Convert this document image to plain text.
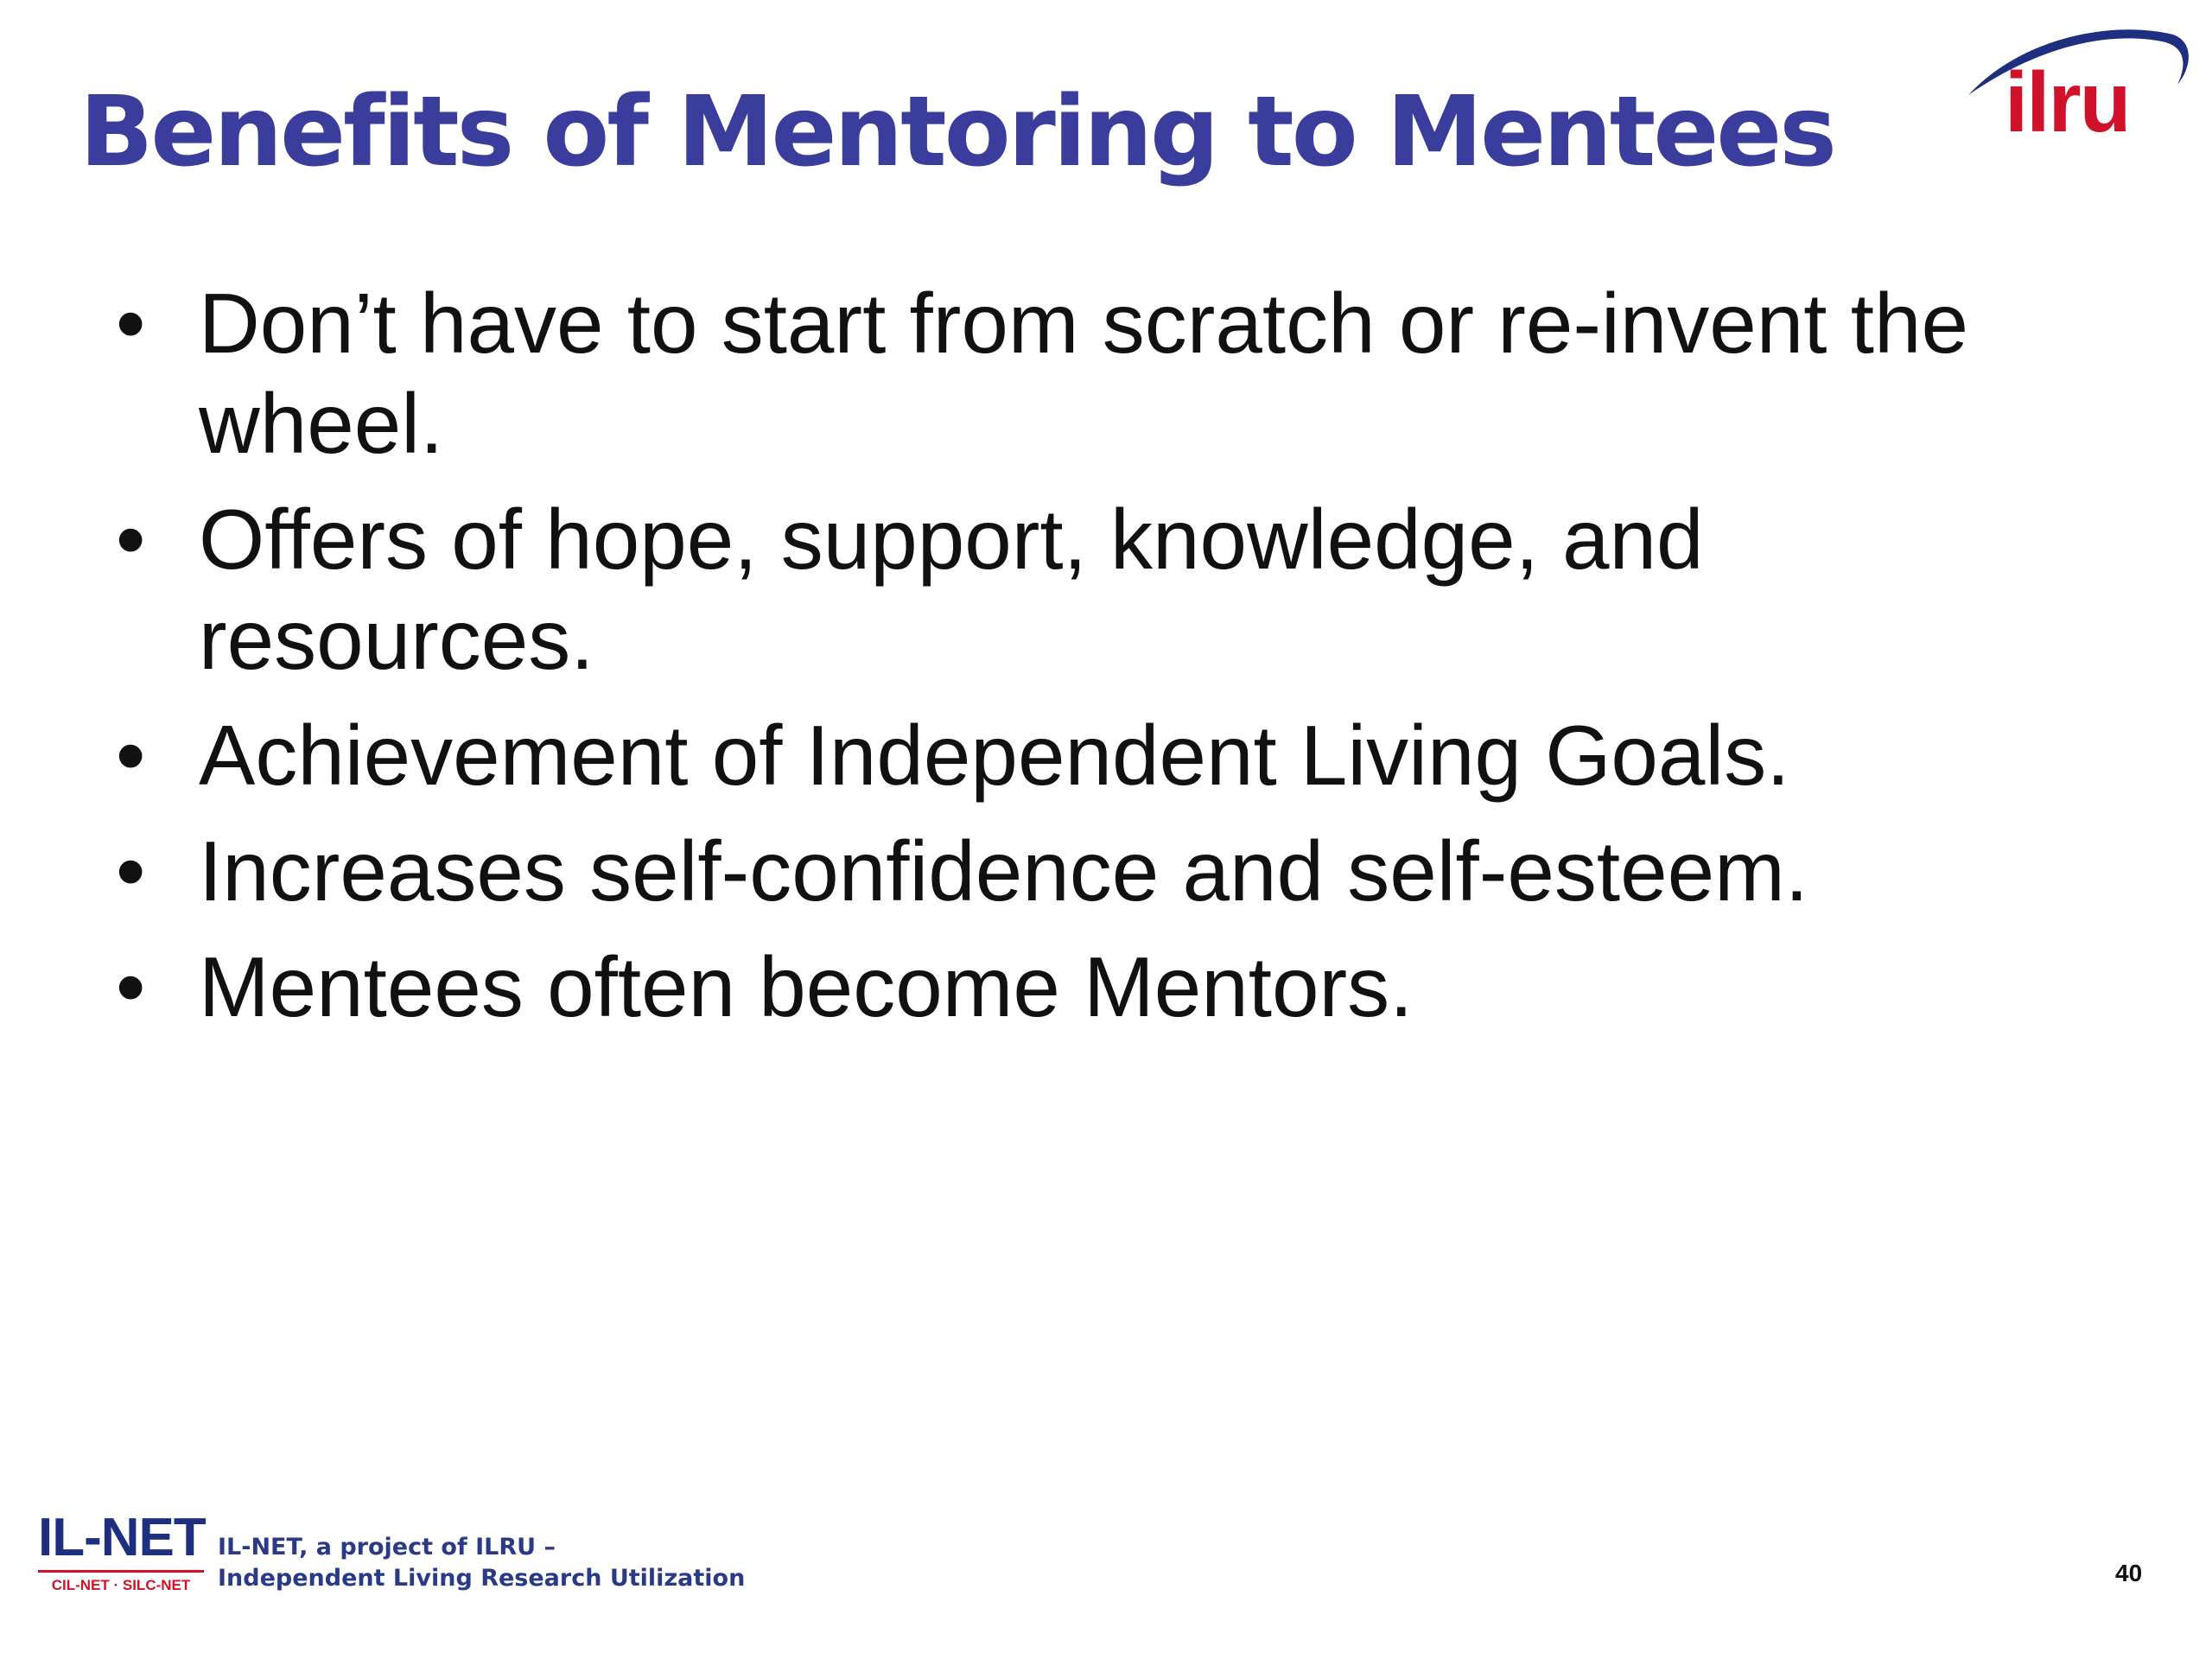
Benefits of Mentoring to Mentees ilru
• Don’t have to start from scratch or re-invent the wheel.
• Offers of hope, support, knowledge, and resources.
• Achievement of Independent Living Goals.
• Increases self-confidence and self-esteem.
• Mentees often become Mentors.
IL-NET
CIL-NET · SILC-NET
IL-NET, a project of ILRU –
Independent Living Research Utilization	40
